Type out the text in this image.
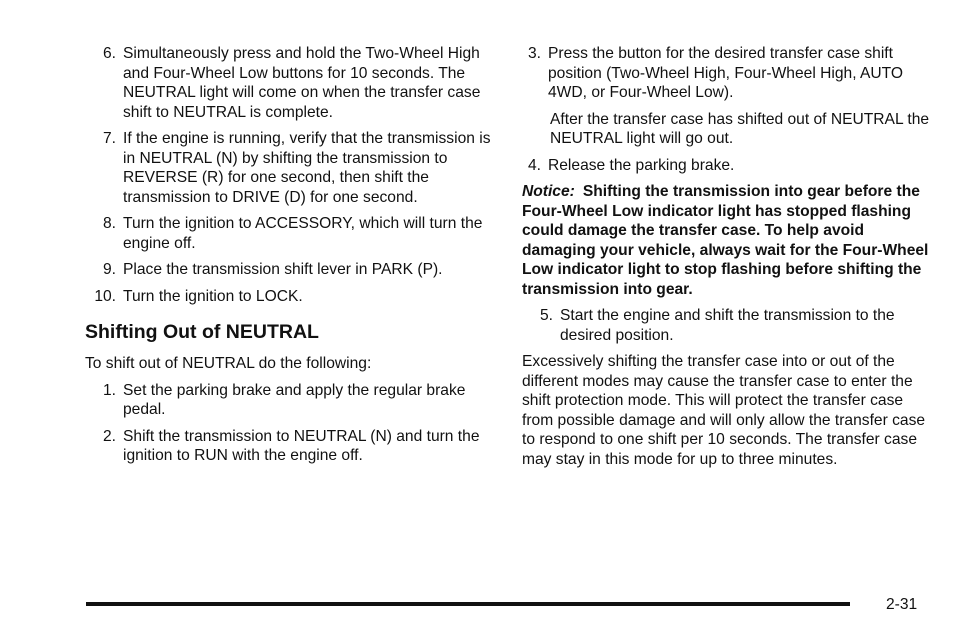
6. Simultaneously press and hold the Two-Wheel High and Four-Wheel Low buttons for 10 seconds. The NEUTRAL light will come on when the transfer case shift to NEUTRAL is complete.
7. If the engine is running, verify that the transmission is in NEUTRAL (N) by shifting the transmission to REVERSE (R) for one second, then shift the transmission to DRIVE (D) for one second.
8. Turn the ignition to ACCESSORY, which will turn the engine off.
9. Place the transmission shift lever in PARK (P).
10. Turn the ignition to LOCK.
Shifting Out of NEUTRAL
To shift out of NEUTRAL do the following:
1. Set the parking brake and apply the regular brake pedal.
2. Shift the transmission to NEUTRAL (N) and turn the ignition to RUN with the engine off.
3. Press the button for the desired transfer case shift position (Two-Wheel High, Four-Wheel High, AUTO 4WD, or Four-Wheel Low).
After the transfer case has shifted out of NEUTRAL the NEUTRAL light will go out.
4. Release the parking brake.
Notice: Shifting the transmission into gear before the Four-Wheel Low indicator light has stopped flashing could damage the transfer case. To help avoid damaging your vehicle, always wait for the Four-Wheel Low indicator light to stop flashing before shifting the transmission into gear.
5. Start the engine and shift the transmission to the desired position.
Excessively shifting the transfer case into or out of the different modes may cause the transfer case to enter the shift protection mode. This will protect the transfer case from possible damage and will only allow the transfer case to respond to one shift per 10 seconds. The transfer case may stay in this mode for up to three minutes.
2-31
